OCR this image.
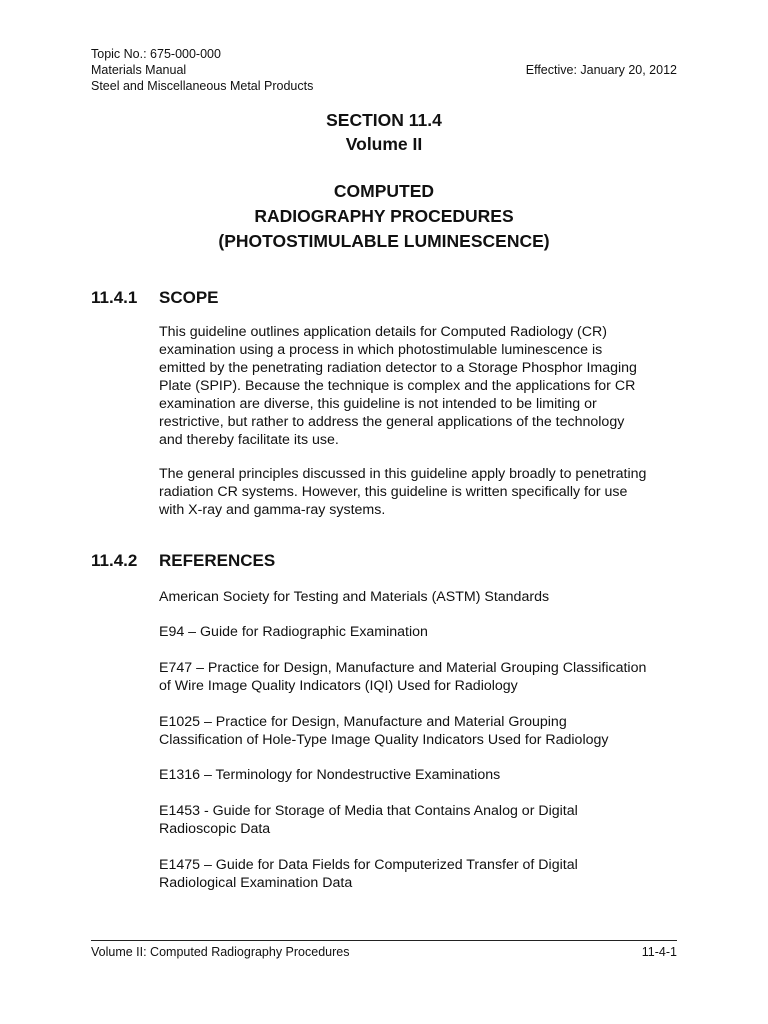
Topic No.: 675-000-000
Materials Manual
Steel and Miscellaneous Metal Products
Effective: January 20, 2012
SECTION 11.4
Volume II
COMPUTED
RADIOGRAPHY PROCEDURES
(PHOTOSTIMULABLE LUMINESCENCE)
11.4.1 SCOPE

This guideline outlines application details for Computed Radiology (CR)

examination using a process in which photostimulable luminescence is

emitted by the penetrating radiation detector to a Storage Phosphor Imaging

Plate (SPIP). Because the technique is complex and the applications for CR

examination are diverse, this guideline is not intended to be limiting or

restrictive, but rather to address the general applications of the technology

and thereby facilitate its use.

The general principles discussed in this guideline apply broadly to penetrating

radiation CR systems. However, this guideline is written specifically for use

with X-ray and gamma-ray systems.

11.4.2 REFERENCES
American Society for Testing and Materials (ASTM) Standards
E94 – Guide for Radiographic Examination
E747 – Practice for Design, Manufacture and Material Grouping Classification
of Wire Image Quality Indicators (IQI) Used for Radiology
E1025 – Practice for Design, Manufacture and Material Grouping
Classification of Hole-Type Image Quality Indicators Used for Radiology
E1316 – Terminology for Nondestructive Examinations
E1453 - Guide for Storage of Media that Contains Analog or Digital
Radioscopic Data
E1475 – Guide for Data Fields for Computerized Transfer of Digital
Radiological Examination Data
Volume II: Computed Radiography Procedures	11-4-1
